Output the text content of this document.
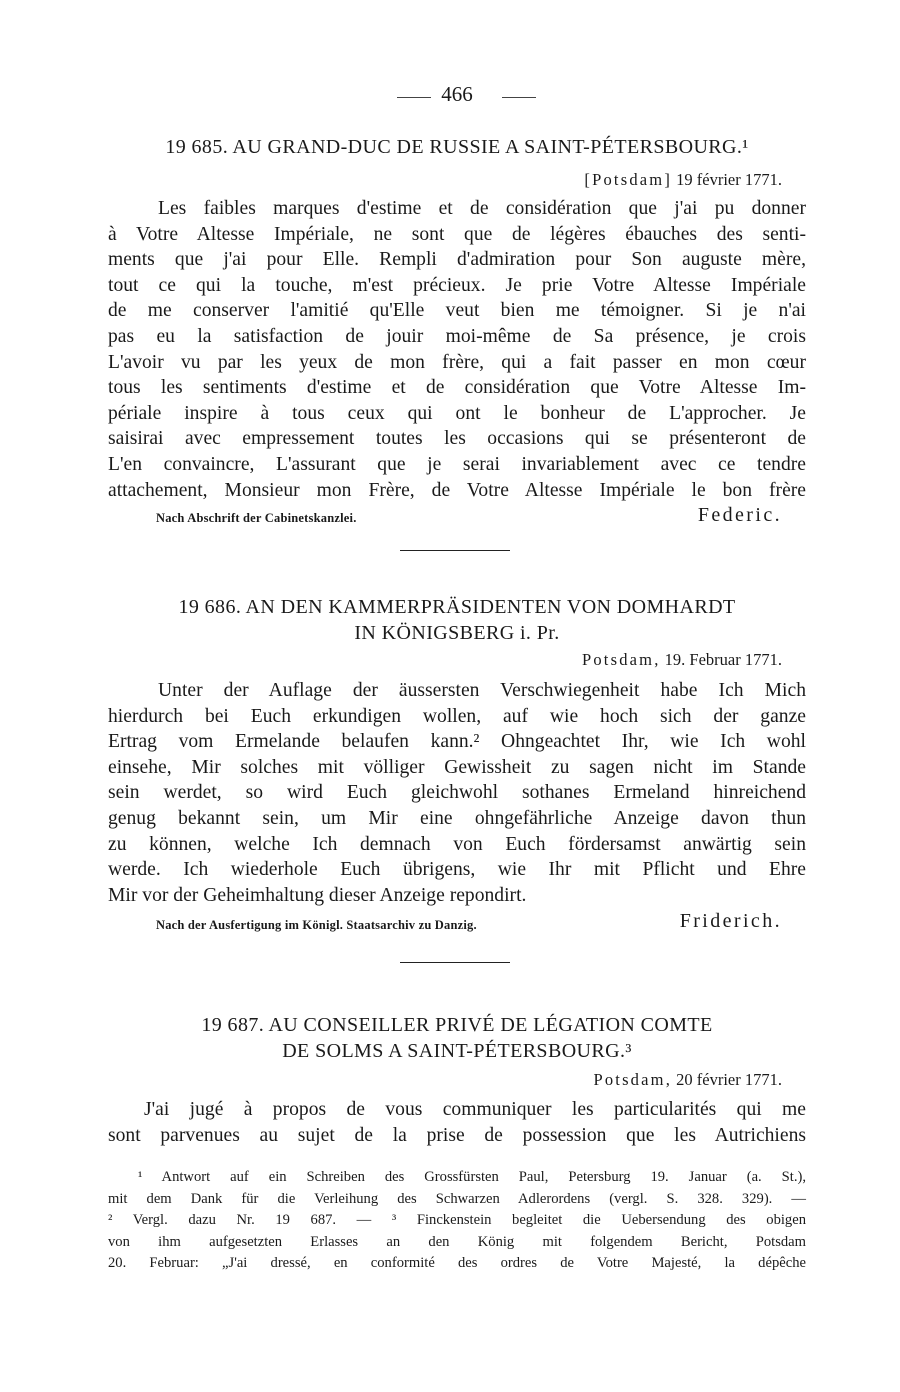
466
19 685. AU GRAND-DUC DE RUSSIE A SAINT-PÉTERSBOURG.¹
[Potsdam] 19 février 1771.
Les faibles marques d'estime et de considération que j'ai pu donner
à Votre Altesse Impériale, ne sont que de légères ébauches des senti-
ments que j'ai pour Elle. Rempli d'admiration pour Son auguste mère,
tout ce qui la touche, m'est précieux. Je prie Votre Altesse Impériale
de me conserver l'amitié qu'Elle veut bien me témoigner. Si je n'ai
pas eu la satisfaction de jouir moi-même de Sa présence, je crois
L'avoir vu par les yeux de mon frère, qui a fait passer en mon cœur
tous les sentiments d'estime et de considération que Votre Altesse Im-
périale inspire à tous ceux qui ont le bonheur de L'approcher. Je
saisirai avec empressement toutes les occasions qui se présenteront de
L'en convaincre, L'assurant que je serai invariablement avec ce tendre
attachement, Monsieur mon Frère, de Votre Altesse Impériale le bon frère
Nach Abschrift der Cabinetskanzlei.	Federic.
19 686. AN DEN KAMMERPRÄSIDENTEN VON DOMHARDT
IN KÖNIGSBERG i. Pr.
Potsdam, 19. Februar 1771.
Unter der Auflage der äussersten Verschwiegenheit habe Ich Mich
hierdurch bei Euch erkundigen wollen, auf wie hoch sich der ganze
Ertrag vom Ermelande belaufen kann.² Ohngeachtet Ihr, wie Ich wohl
einsehe, Mir solches mit völliger Gewissheit zu sagen nicht im Stande
sein werdet, so wird Euch gleichwohl sothanes Ermeland hinreichend
genug bekannt sein, um Mir eine ohngefährliche Anzeige davon thun
zu können, welche Ich demnach von Euch fördersamst anwärtig sein
werde. Ich wiederhole Euch übrigens, wie Ihr mit Pflicht und Ehre
Mir vor der Geheimhaltung dieser Anzeige repondirt.
Nach der Ausfertigung im Königl. Staatsarchiv zu Danzig.	Friderich.
19 687. AU CONSEILLER PRIVÉ DE LÉGATION COMTE
DE SOLMS A SAINT-PÉTERSBOURG.³
Potsdam, 20 février 1771.
J'ai jugé à propos de vous communiquer les particularités qui me
sont parvenues au sujet de la prise de possession que les Autrichiens
¹ Antwort auf ein Schreiben des Grossfürsten Paul, Petersburg 19. Januar (a. St.),
mit dem Dank für die Verleihung des Schwarzen Adlerordens (vergl. S. 328. 329). —
² Vergl. dazu Nr. 19 687. — ³ Finckenstein begleitet die Uebersendung des obigen
von ihm aufgesetzten Erlasses an den König mit folgendem Bericht, Potsdam
20. Februar: „J'ai dressé, en conformité des ordres de Votre Majesté, la dépêche
